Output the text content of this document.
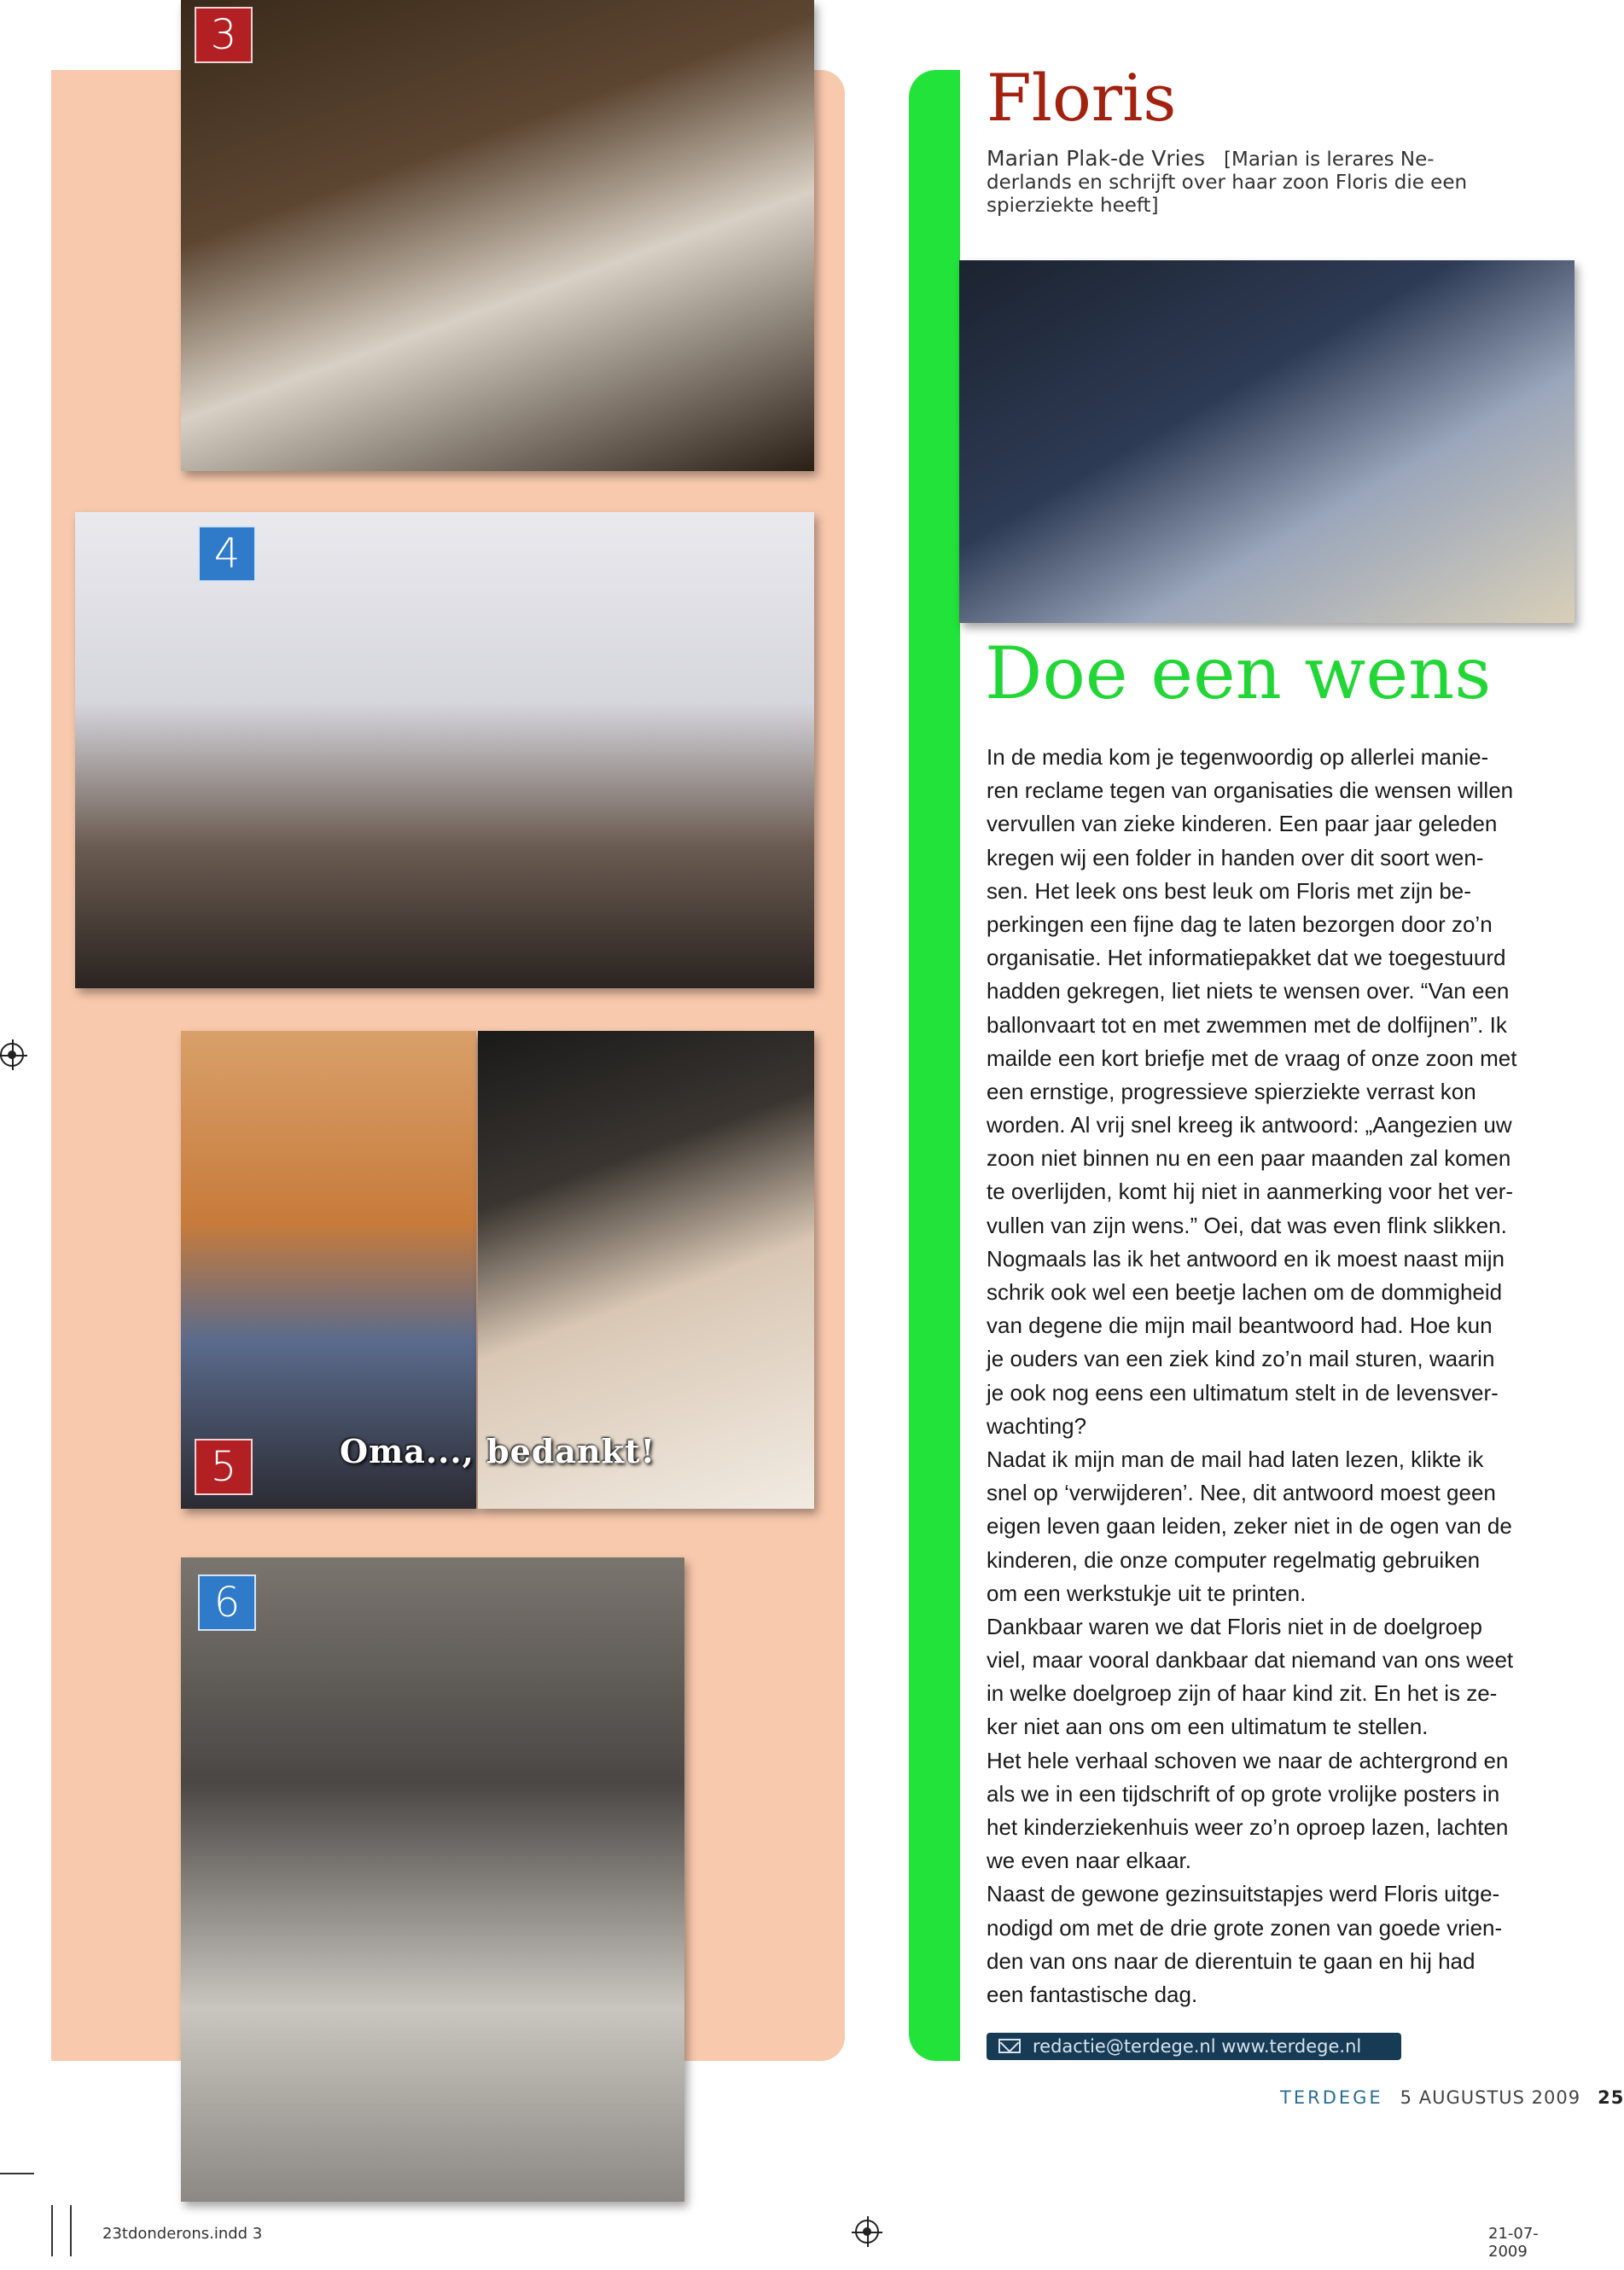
3
4
5	Oma..., bedankt!
6
Floris
Marian Plak-de Vries [Marian is lerares Ne-
derlands en schrijft over haar zoon Floris die een
spierziekte heeft]
Doe een wens
In de media kom je tegenwoordig op allerlei manie-
ren reclame tegen van organisaties die wensen willen
vervullen van zieke kinderen. Een paar jaar geleden
kregen wij een folder in handen over dit soort wen-
sen. Het leek ons best leuk om Floris met zijn be-
perkingen een fijne dag te laten bezorgen door zo’n
organisatie. Het informatiepakket dat we toegestuurd
hadden gekregen, liet niets te wensen over. “Van een
ballonvaart tot en met zwemmen met de dolfijnen”. Ik
mailde een kort briefje met de vraag of onze zoon met
een ernstige, progressieve spierziekte verrast kon
worden. Al vrij snel kreeg ik antwoord: „Aangezien uw
zoon niet binnen nu en een paar maanden zal komen
te overlijden, komt hij niet in aanmerking voor het ver-
vullen van zijn wens.” Oei, dat was even flink slikken.
Nogmaals las ik het antwoord en ik moest naast mijn
schrik ook wel een beetje lachen om de dommigheid
van degene die mijn mail beantwoord had. Hoe kun
je ouders van een ziek kind zo’n mail sturen, waarin
je ook nog eens een ultimatum stelt in de levensver-
wachting?
Nadat ik mijn man de mail had laten lezen, klikte ik
snel op ‘verwijderen’. Nee, dit antwoord moest geen
eigen leven gaan leiden, zeker niet in de ogen van de
kinderen, die onze computer regelmatig gebruiken
om een werkstukje uit te printen.
Dankbaar waren we dat Floris niet in de doelgroep
viel, maar vooral dankbaar dat niemand van ons weet
in welke doelgroep zijn of haar kind zit. En het is ze-
ker niet aan ons om een ultimatum te stellen.
Het hele verhaal schoven we naar de achtergrond en
als we in een tijdschrift of op grote vrolijke posters in
het kinderziekenhuis weer zo’n oproep lazen, lachten
we even naar elkaar.
Naast de gewone gezinsuitstapjes werd Floris uitge-
nodigd om met de drie grote zonen van goede vrien-
den van ons naar de dierentuin te gaan en hij had
een fantastische dag.
redactie@terdege.nl www.terdege.nl
TERDEGE 5 AUGUSTUS 2009 25
23tdonderons.indd 3	21-07-2009
